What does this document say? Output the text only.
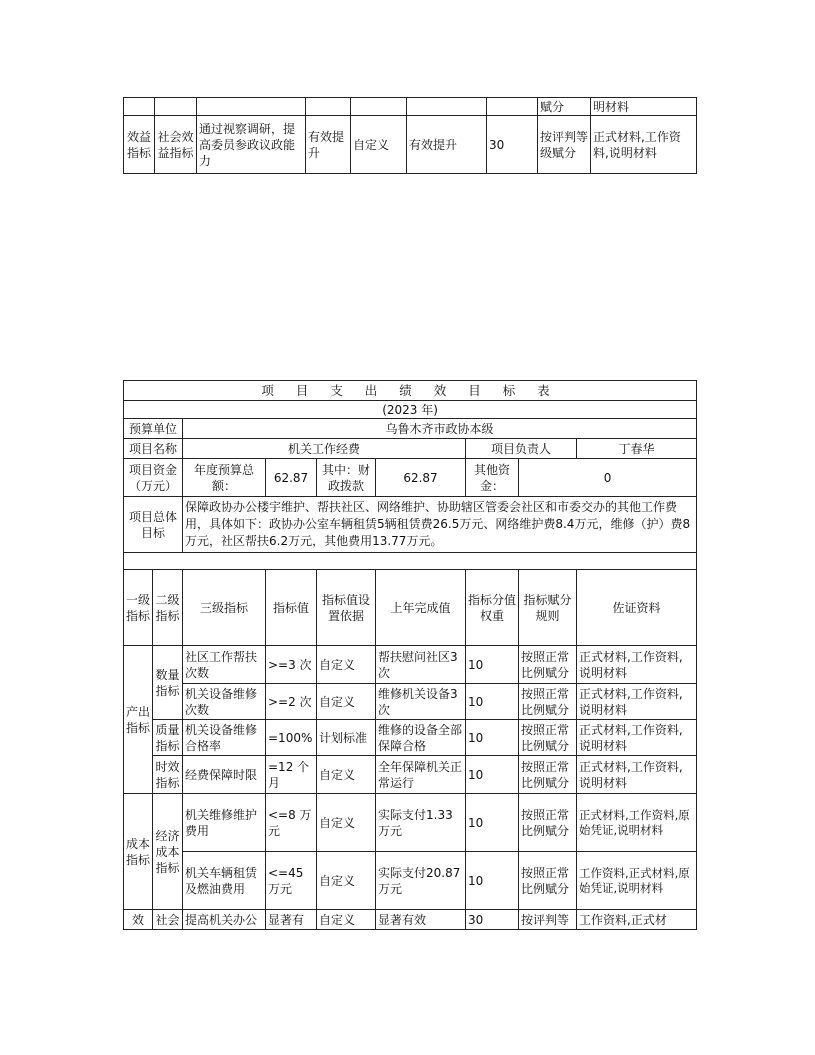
							赋分	明材料
效益指标	社会效益指标	通过视察调研，提高委员参政议政能力	有效提升	自定义	有效提升	30	按评判等级赋分	正式材料,工作资料,说明材料
项 目 支 出 绩 效 目 标 表								
(2023 年)								
预算单位		乌鲁木齐市政协本级						
项目名称		机关工作经费				项目负责人		丁春华
项目资金（万元）		年度预算总额：	62.87	其中：财政拨款	62.87	其他资金：	0	
项目总体目标		保障政协办公楼宇维护、帮扶社区、网络维护、协助辖区管委会社区和市委交办的其他工作费用，具体如下：政协办公室车辆租赁5辆租赁费26.5万元、网络维护费8.4万元，维修（护）费8万元，社区帮扶6.2万元，其他费用13.77万元。						

一级指标	二级指标	三级指标	指标值	指标值设置依据	上年完成值	指标分值权重	指标赋分规则	佐证资料
产出指标	数量指标	社区工作帮扶次数	>=3 次	自定义	帮扶慰问社区3次	10	按照正常比例赋分	正式材料,工作资料,说明材料
		机关设备维修次数	>=2 次	自定义	维修机关设备3次	10	按照正常比例赋分	正式材料,工作资料,说明材料
	质量指标	机关设备维修合格率	=100%	计划标准	维修的设备全部保障合格	10	按照正常比例赋分	正式材料,工作资料,说明材料
	时效指标	经费保障时限	=12 个月	自定义	全年保障机关正常运行	10	按照正常比例赋分	正式材料,工作资料,说明材料
成本指标	经济成本指标	机关维修维护费用	<=8 万元	自定义	实际支付1.33万元	10	按照正常比例赋分	正式材料,工作资料,原始凭证,说明材料
		机关车辆租赁及燃油费用	<=45 万元	自定义	实际支付20.87万元	10	按照正常比例赋分	工作资料,正式材料,原始凭证,说明材料
效	社会	提高机关办公	显著有	自定义	显著有效	30	按评判等	工作资料,正式材
